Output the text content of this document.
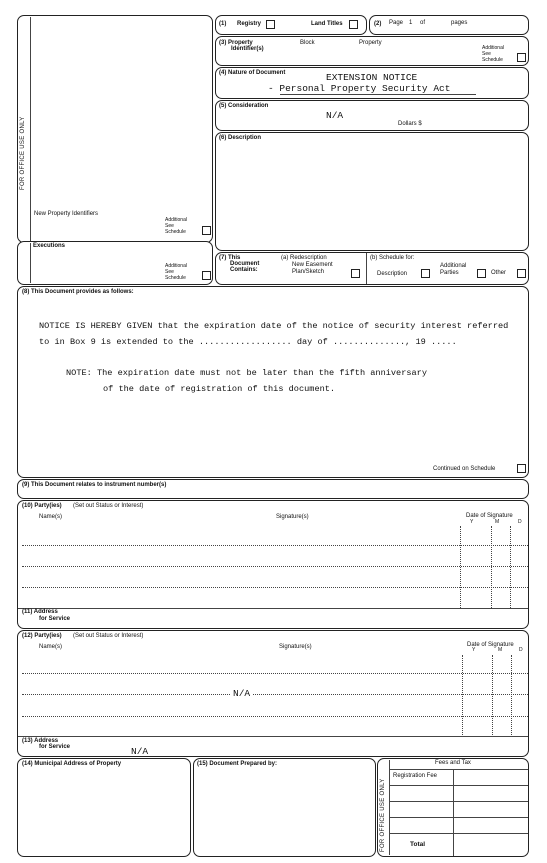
FOR OFFICE USE ONLY
New Property Identifiers
Additional
See
Schedule
Executions
Additional
See
Schedule
(1) Registry	Land Titles	(2) Page 1 of	pages
(3) Property
Identifier(s)
Block	Property
Additional
See
Schedule
(4) Nature of Document	EXTENSION NOTICE
- Personal Property Security Act
(5) Consideration
N/A
Dollars $
(6) Description
(7) This
Document
Contains:
(a) Redescription
New Easement
Plan/Sketch
(b) Schedule for:
Description
Additional
Parties	Other
(8) This Document provides as follows:
NOTICE IS HEREBY GIVEN that the expiration date of the notice of security interest referred
to in Box 9 is extended to the .................. day of .............., 19 .....
NOTE: The expiration date must not be later than the fifth anniversary
of the date of registration of this document.
Continued on Schedule
(9) This Document relates to instrument number(s)
(10) Party(ies) (Set out Status or Interest)
Name(s)	Signature(s)	Date of Signature
Y	M	D
(11) Address
for Service
(12) Party(ies) (Set out Status or Interest)
Name(s)	Signature(s)	Date of Signature
Y	M	D
N/A
(13) Address
for Service	N/A
(14) Municipal Address of Property	(15) Document Prepared by:
FOR OFFICE USE ONLY
Fees and Tax
Registration Fee
Total
